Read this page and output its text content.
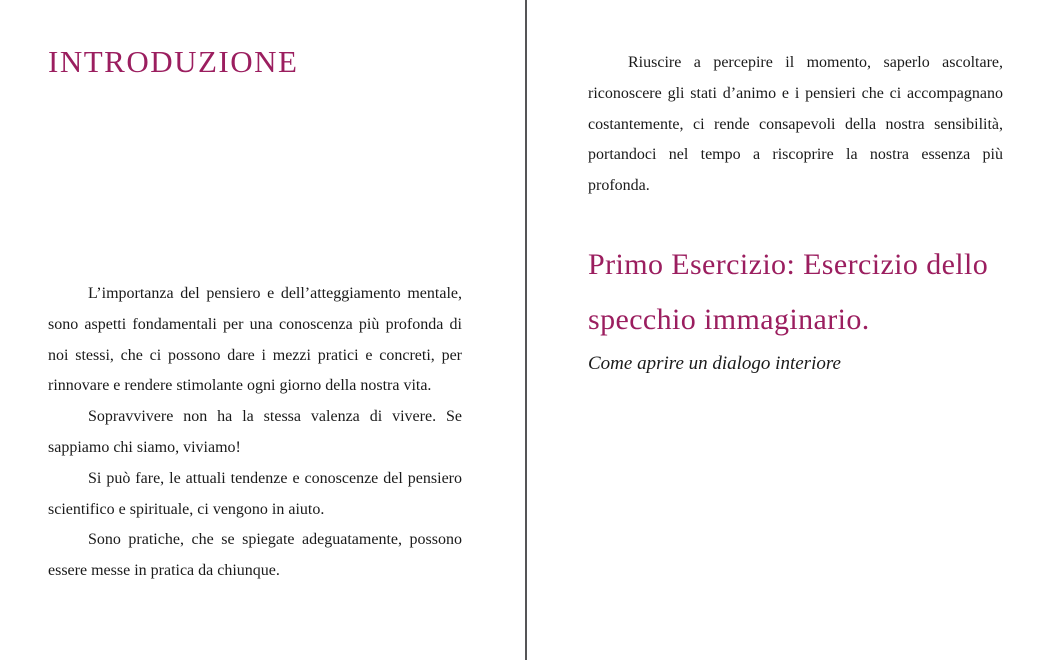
INTRODUZIONE

L’importanza del pensiero e dell’atteggiamento mentale,
sono aspetti fondamentali per una conoscenza più profonda di
noi stessi, che ci possono dare i mezzi pratici e concreti, per
rinnovare e rendere stimolante ogni giorno della nostra vita.

Sopravvivere non ha la stessa valenza di vivere. Se
sappiamo chi siamo, viviamo!

Si può fare, le attuali tendenze e conoscenze del pensiero
scientifico e spirituale, ci vengono in aiuto.

Sono pratiche, che se spiegate adeguatamente, possono
essere messe in pratica da chiunque.

Riuscire a percepire il momento, saperlo ascoltare,
riconoscere gli stati d’animo e i pensieri che ci accompagnano
costantemente, ci rende consapevoli della nostra sensibilità,
portandoci nel tempo a riscoprire la nostra essenza più
profonda.

Primo Esercizio: Esercizio dello specchio immaginario.
Come aprire un dialogo interiore
